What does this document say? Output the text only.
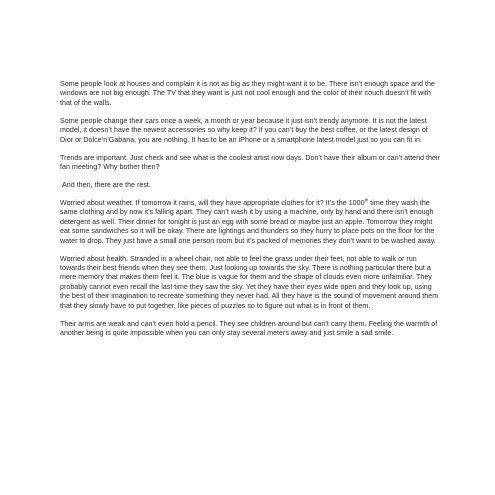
Some people look at houses and complain it is not as big as they might want it to be. There isn’t enough space and the windows are not big enough. The TV that they want is just not cool enough and the color of their couch doesn’t fit with that of the walls.

Some people change their cars once a week, a month or year because it just isn’t trendy anymore. It is not the latest model, it doesn’t have the newest accessories so why keep it? If you can’t buy the best coffee, or the latest design of Dior or Dolce’n’Gabana, you are nothing. It has to be an iPhone or a smartphone latest model just so you can fit in.

Trends are important. Just check and see what is the coolest artist now days. Don’t have their album or can’t attend their fan meeting? Why bother then?

And then, there are the rest.

Worried about weather. If tomorrow it rains, will they have appropriate clothes for it? It’s the 1000th time they wash the same clothing and by now it’s falling apart. They can’t wash it by using a machine, only by hand and there isn’t enough detergent as well. Their dinner for tonight is just an egg with some bread or maybe just an apple. Tomorrow they might eat some sandwiches so it will be okay. There are lightings and thunders so they hurry to place pots on the floor for the water to drop. They just have a small one person room but it’s packed of memories they don’t want to be washed away.

Worried about health. Stranded in a wheel chair, not able to feel the grass under their feet, not able to walk or run towards their best friends when they see them. Just looking up towards the sky. There is nothing particular there but a mere memory that makes them feel it. The blue is vague for them and the shape of clouds even more unfamiliar. They probably cannot even recall the last time they saw the sky. Yet they have their eyes wide open and they look up, using the best of their imagination to recreate something they never had. All they have is the sound of movement around them that they slowly have to put together, like pieces of puzzles so to figure out what is in front of them.

Their arms are weak and can’t even hold a pencil. They see children around but can’t carry them. Feeling the warmth of another being is quite impossible when you can only stay several meters away and just smile a sad smile.
